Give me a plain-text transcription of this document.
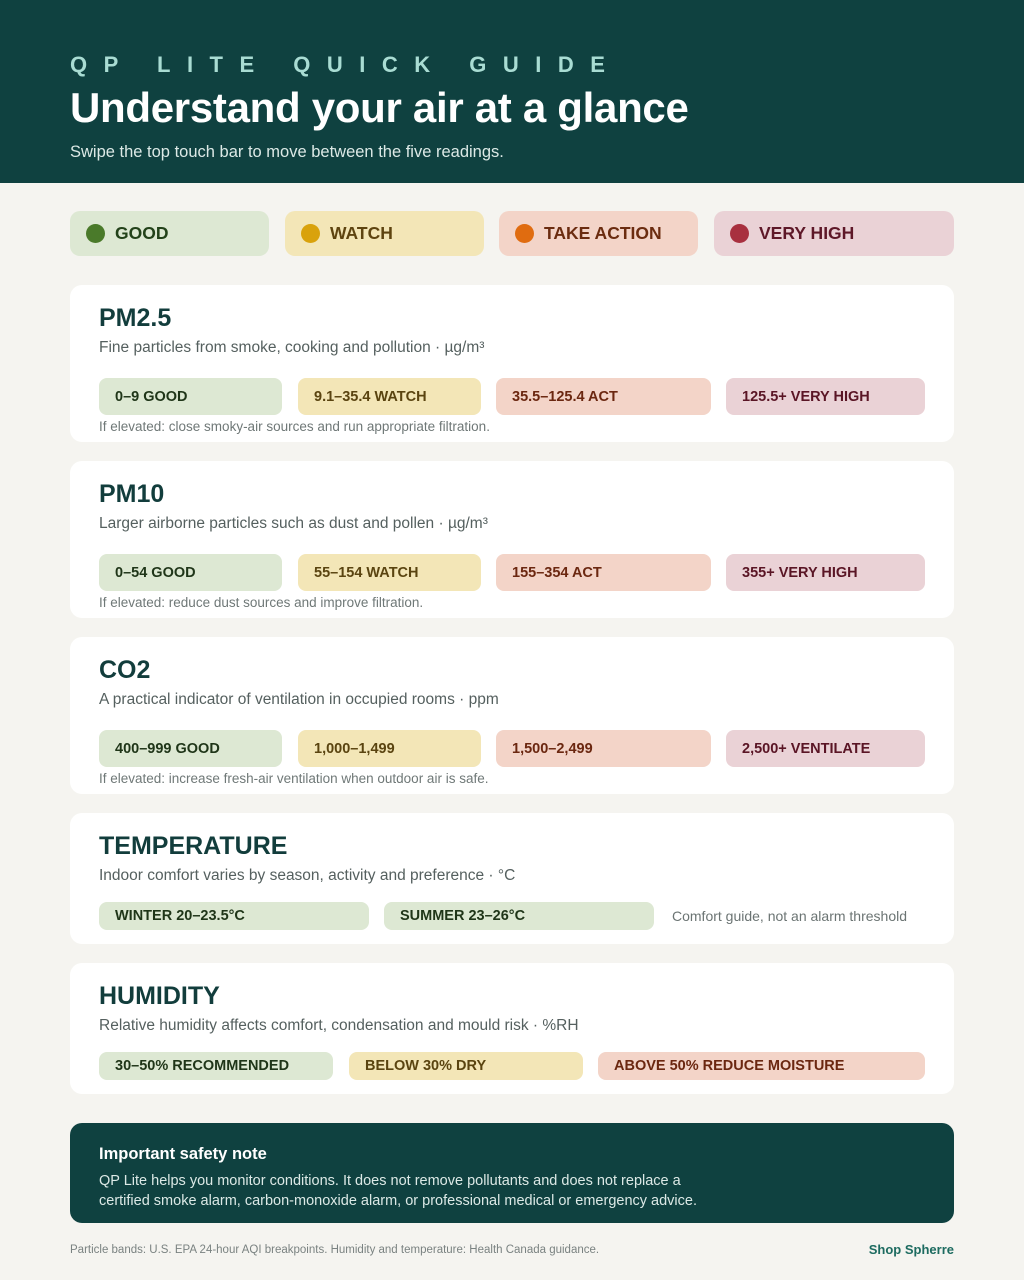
QP LITE QUICK GUIDE
Understand your air at a glance
Swipe the top touch bar to move between the five readings.
GOOD	WATCH	TAKE ACTION	VERY HIGH
PM2.5
Fine particles from smoke, cooking and pollution · µg/m³
0–9 GOOD	9.1–35.4 WATCH	35.5–125.4 ACT	125.5+ VERY HIGH
If elevated: close smoky-air sources and run appropriate filtration.
PM10
Larger airborne particles such as dust and pollen · µg/m³
0–54 GOOD	55–154 WATCH	155–354 ACT	355+ VERY HIGH
If elevated: reduce dust sources and improve filtration.
CO2
A practical indicator of ventilation in occupied rooms · ppm
400–999 GOOD	1,000–1,499	1,500–2,499	2,500+ VENTILATE
If elevated: increase fresh-air ventilation when outdoor air is safe.
TEMPERATURE
Indoor comfort varies by season, activity and preference · °C
WINTER 20–23.5°C	SUMMER 23–26°C	Comfort guide, not an alarm threshold
HUMIDITY
Relative humidity affects comfort, condensation and mould risk · %RH
30–50% RECOMMENDED	BELOW 30% DRY	ABOVE 50% REDUCE MOISTURE
Important safety note
QP Lite helps you monitor conditions. It does not remove pollutants and does not replace a certified smoke alarm, carbon-monoxide alarm, or professional medical or emergency advice.
Particle bands: U.S. EPA 24-hour AQI breakpoints. Humidity and temperature: Health Canada guidance.	Shop Spherre
